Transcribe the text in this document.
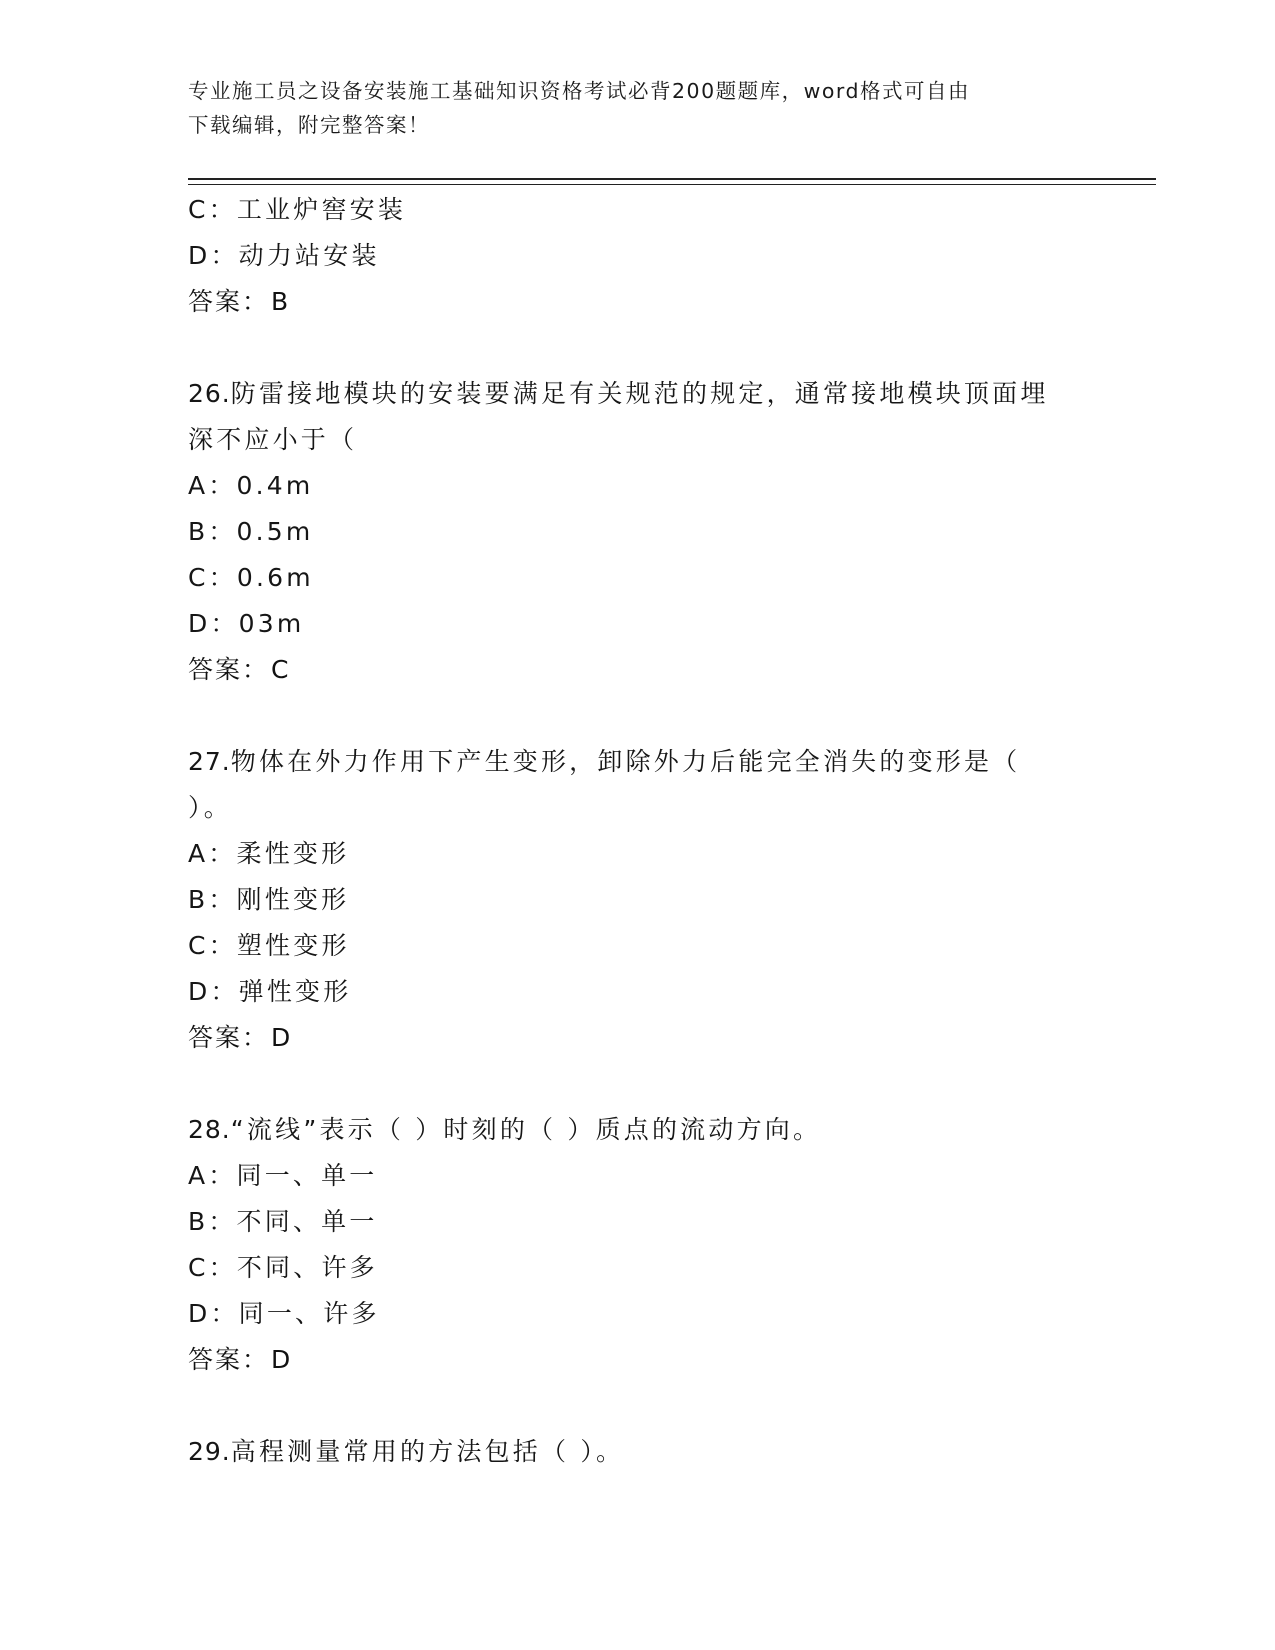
专业施工员之设备安装施工基础知识资格考试必背200题题库，word格式可自由
下载编辑，附完整答案！
C：工业炉窖安装
D：动力站安装
答案：B
26.防雷接地模块的安装要满足有关规范的规定，通常接地模块顶面埋
深不应小于（
A：0.4m
B：0.5m
C：0.6m
D：03m
答案：C
27.物体在外力作用下产生变形，卸除外力后能完全消失的变形是（
）。
A：柔性变形
B：刚性变形
C：塑性变形
D：弹性变形
答案：D
28.“流线”表示（ ）时刻的（ ）质点的流动方向。
A：同一、单一
B：不同、单一
C：不同、许多
D：同一、许多
答案：D
29.高程测量常用的方法包括（ ）。
